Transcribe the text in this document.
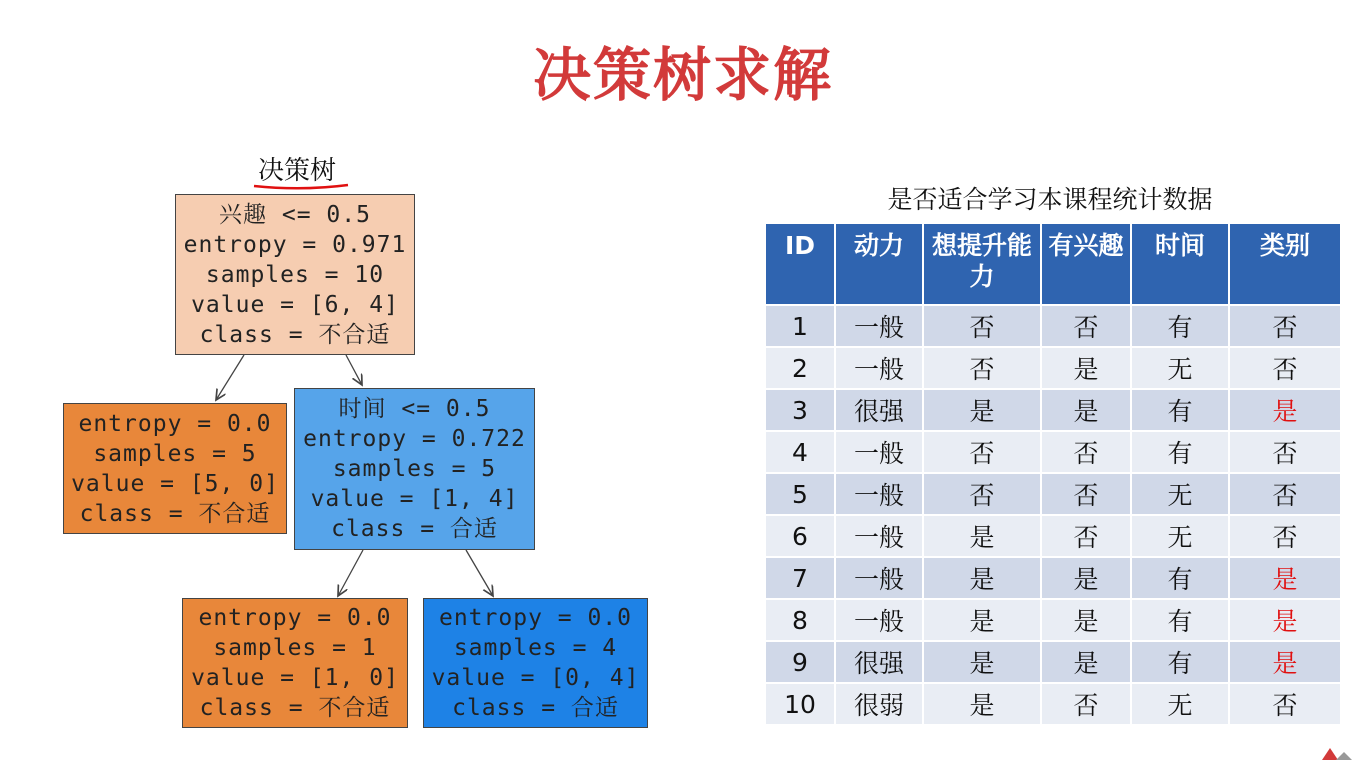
决策树求解
决策树
兴趣 <= 0.5
entropy = 0.971
samples = 10
value = [6, 4]
class = 不合适
entropy = 0.0
samples = 5
value = [5, 0]
class = 不合适
时间 <= 0.5
entropy = 0.722
samples = 5
value = [1, 4]
class = 合适
entropy = 0.0
samples = 1
value = [1, 0]
class = 不合适
entropy = 0.0
samples = 4
value = [0, 4]
class = 合适
是否适合学习本课程统计数据
ID	动力	想提升能力	有兴趣	时间	类别
1	一般	否	否	有	否
2	一般	否	是	无	否
3	很强	是	是	有	是
4	一般	否	否	有	否
5	一般	否	否	无	否
6	一般	是	否	无	否
7	一般	是	是	有	是
8	一般	是	是	有	是
9	很强	是	是	有	是
10	很弱	是	否	无	否
